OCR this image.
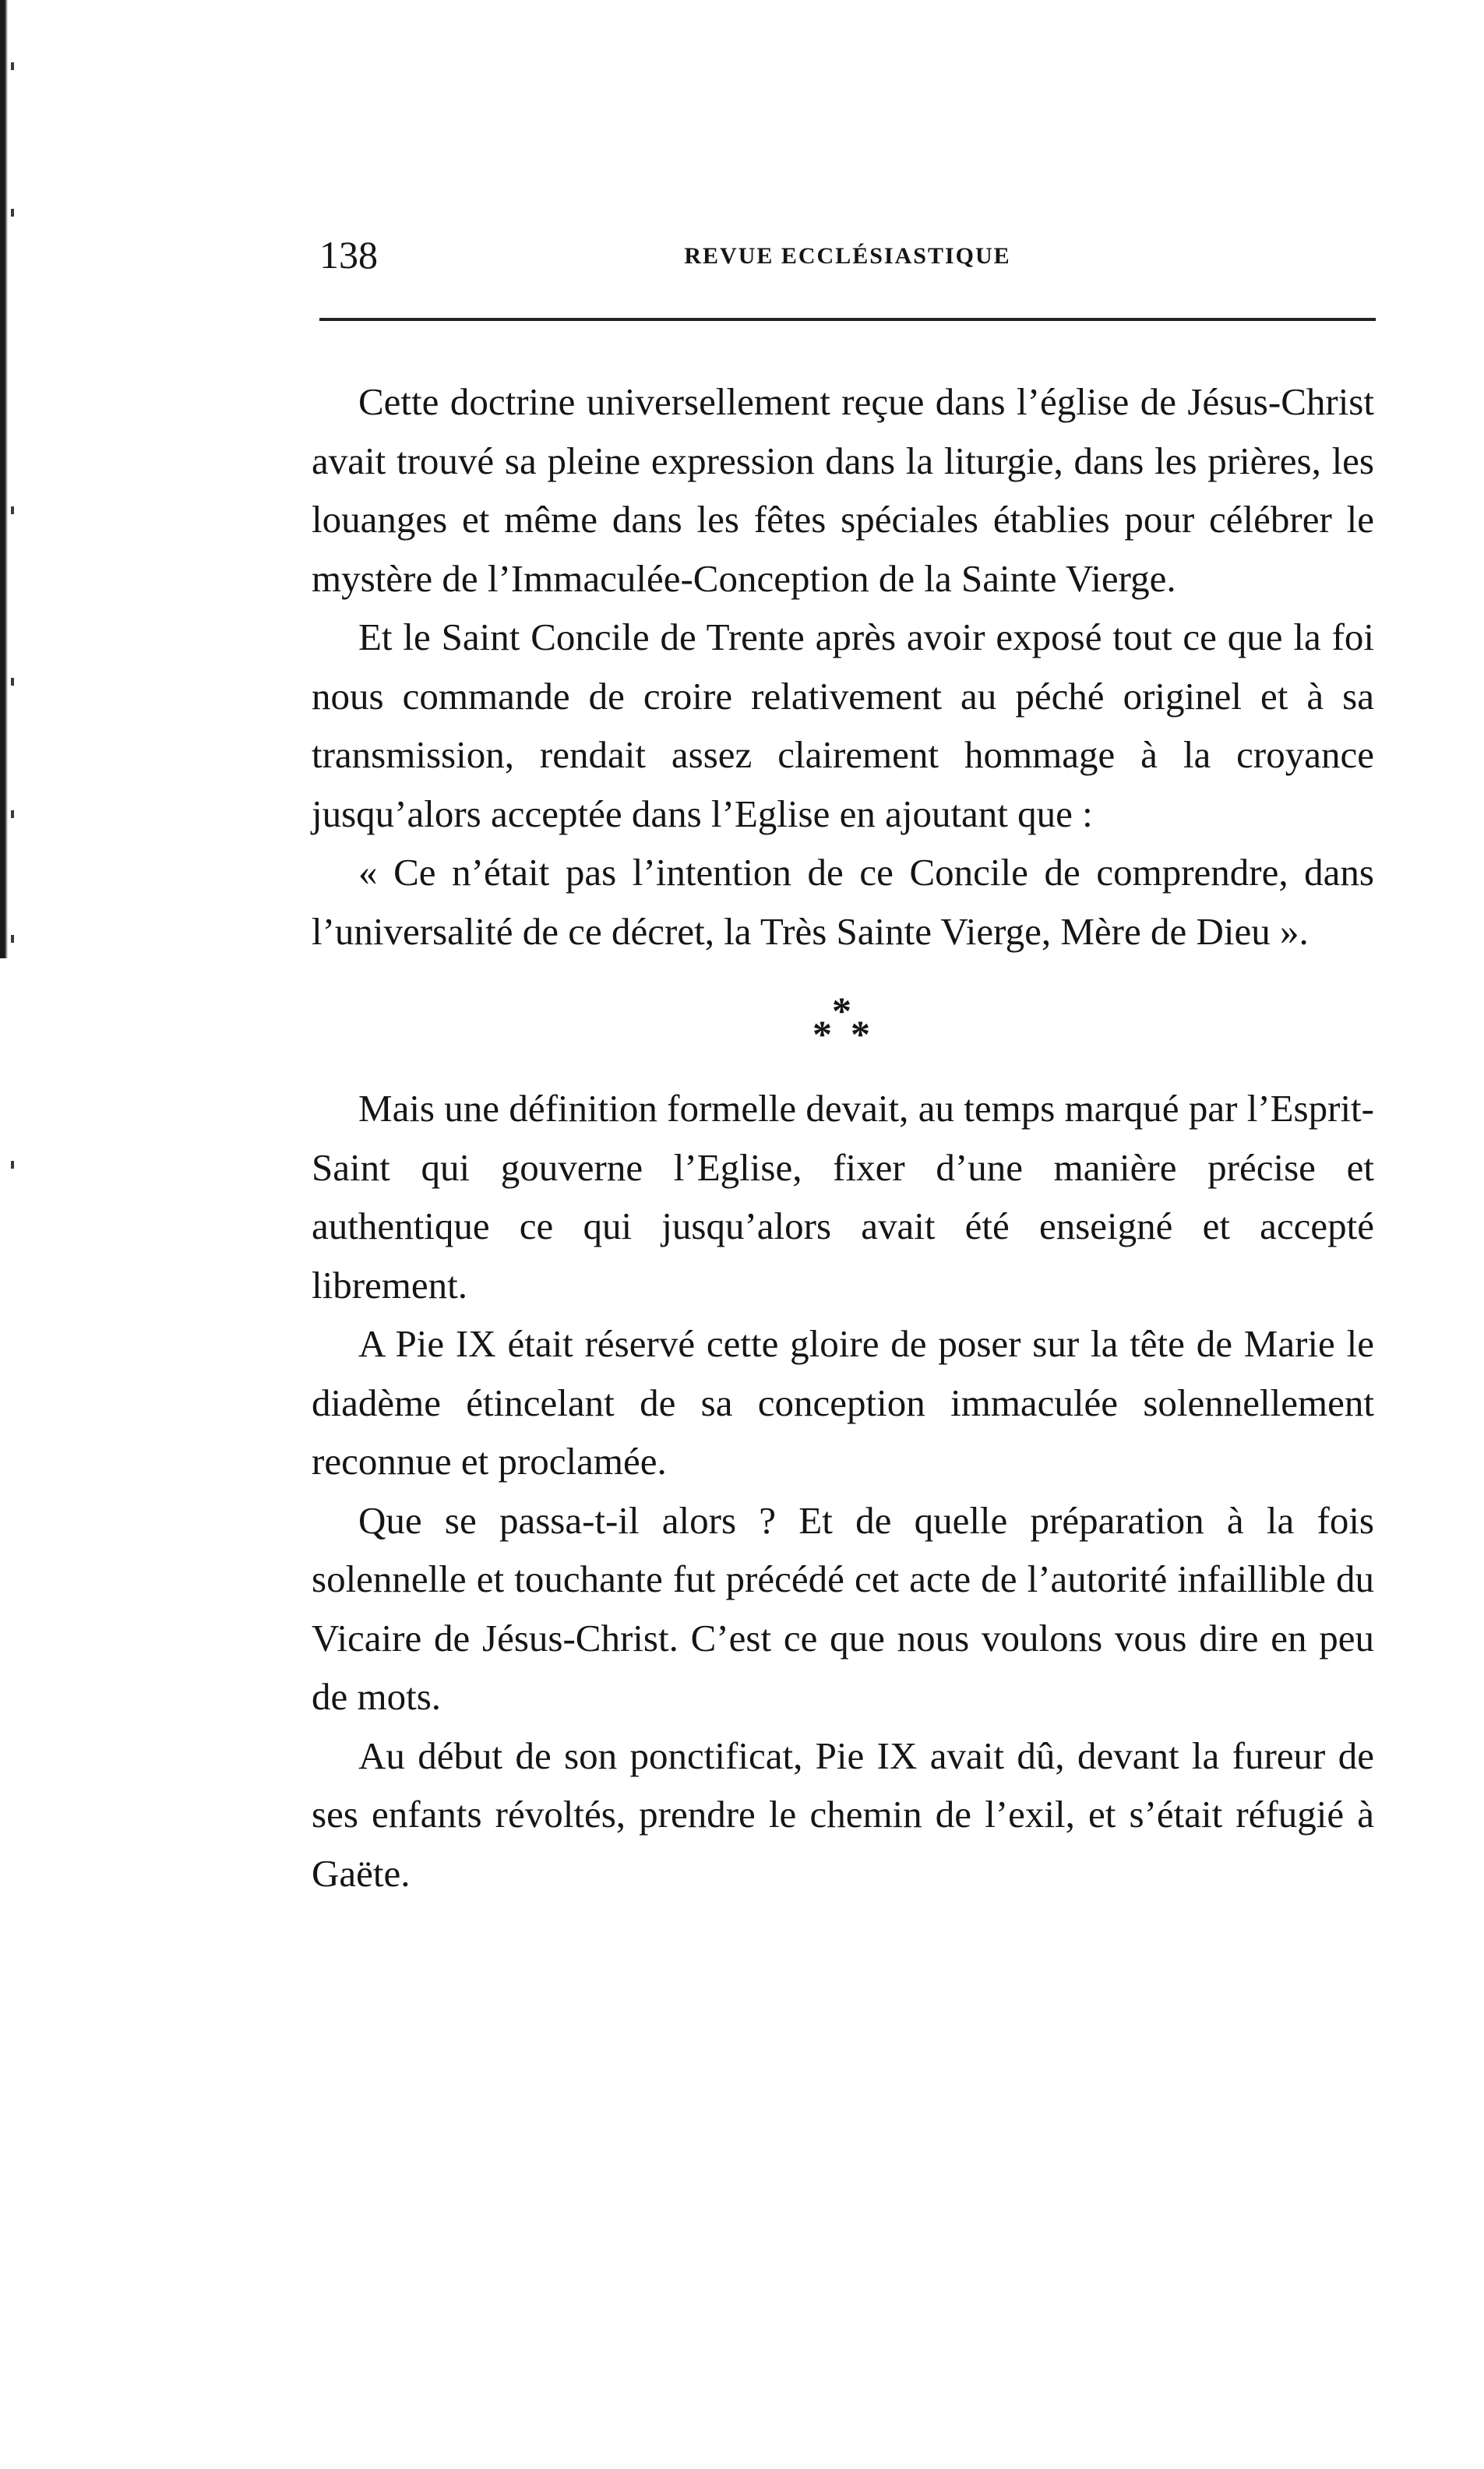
138	REVUE ECCLÉSIASTIQUE

Cette doctrine universellement reçue dans l’église de Jésus-Christ avait trouvé sa pleine expression dans la liturgie, dans les prières, les louanges et même dans les fêtes spéciales établies pour célébrer le mystère de l’Immaculée-Conception de la Sainte Vierge.

Et le Saint Concile de Trente après avoir exposé tout ce que la foi nous commande de croire relativement au péché originel et à sa transmission, rendait assez clairement hommage à la croyance jusqu’alors acceptée dans l’Eglise en ajoutant que :

« Ce n’était pas l’intention de ce Concile de comprendre, dans l’universalité de ce décret, la Très Sainte Vierge, Mère de Dieu ».

*
* *

Mais une définition formelle devait, au temps marqué par l’Esprit-Saint qui gouverne l’Eglise, fixer d’une manière précise et authentique ce qui jusqu’alors avait été enseigné et accepté librement.

A Pie IX était réservé cette gloire de poser sur la tête de Marie le diadème étincelant de sa conception immaculée solennellement reconnue et proclamée.

Que se passa-t-il alors ? Et de quelle préparation à la fois solennelle et touchante fut précédé cet acte de l’autorité infaillible du Vicaire de Jésus-Christ. C’est ce que nous voulons vous dire en peu de mots.

Au début de son ponctificat, Pie IX avait dû, devant la fureur de ses enfants révoltés, prendre le chemin de l’exil, et s’était réfugié à Gaëte.
